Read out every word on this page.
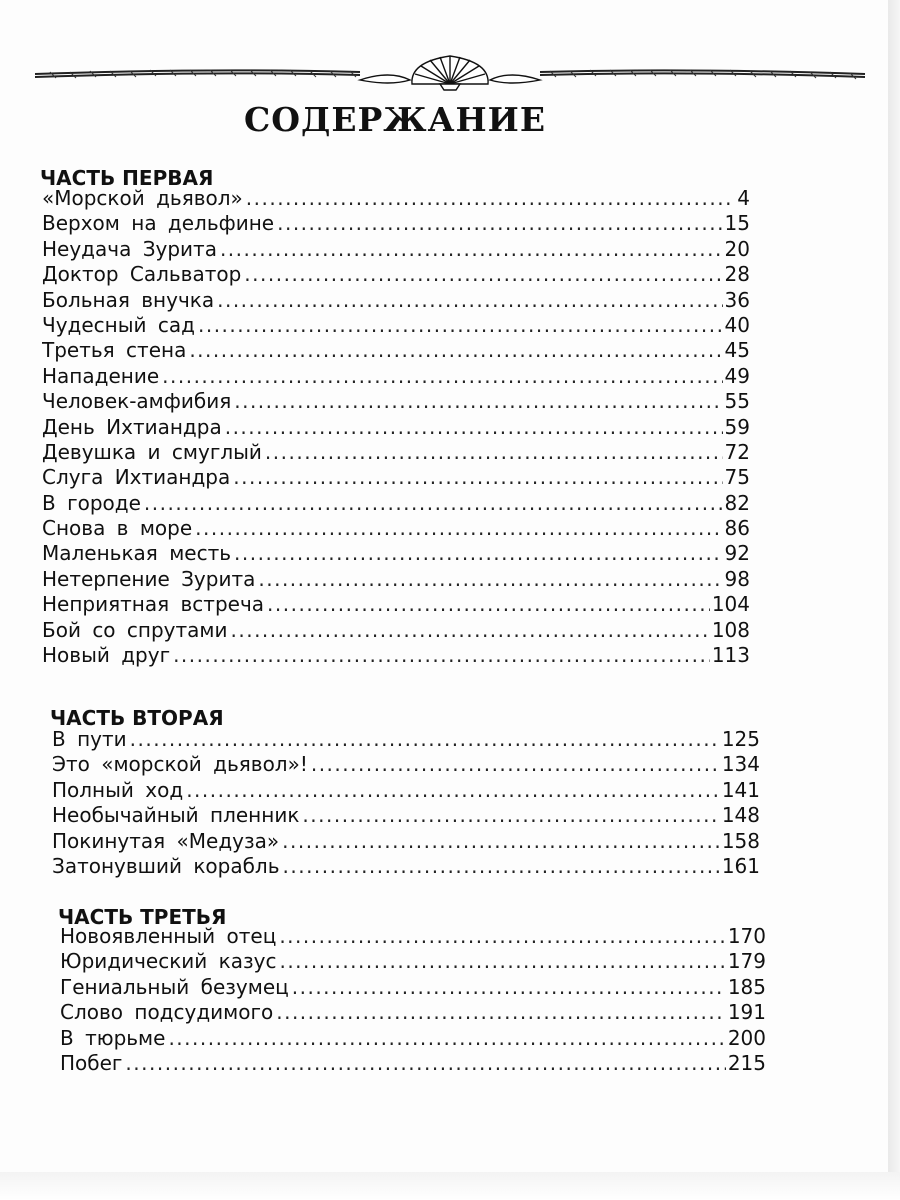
СОДЕРЖАНИЕ
ЧАСТЬ ПЕРВАЯ
«Морской дьявол» .....	4
Верхом на дельфине .....	15
Неудача Зурита .....	20
Доктор Сальватор .....	28
Больная внучка .....	36
Чудесный сад .....	40
Третья стена .....	45
Нападение .....	49
Человек-амфибия .....	55
День Ихтиандра .....	59
Девушка и смуглый .....	72
Слуга Ихтиандра .....	75
В городе .....	82
Снова в море .....	86
Маленькая месть .....	92
Нетерпение Зурита .....	98
Неприятная встреча .....	104
Бой со спрутами .....	108
Новый друг .....	113
ЧАСТЬ ВТОРАЯ
В пути .....	125
Это «морской дьявол»! .....	134
Полный ход .....	141
Необычайный пленник .....	148
Покинутая «Медуза» .....	158
Затонувший корабль .....	161
ЧАСТЬ ТРЕТЬЯ
Новоявленный отец .....	170
Юридический казус .....	179
Гениальный безумец .....	185
Слово подсудимого .....	191
В тюрьме .....	200
Побег .....	215
